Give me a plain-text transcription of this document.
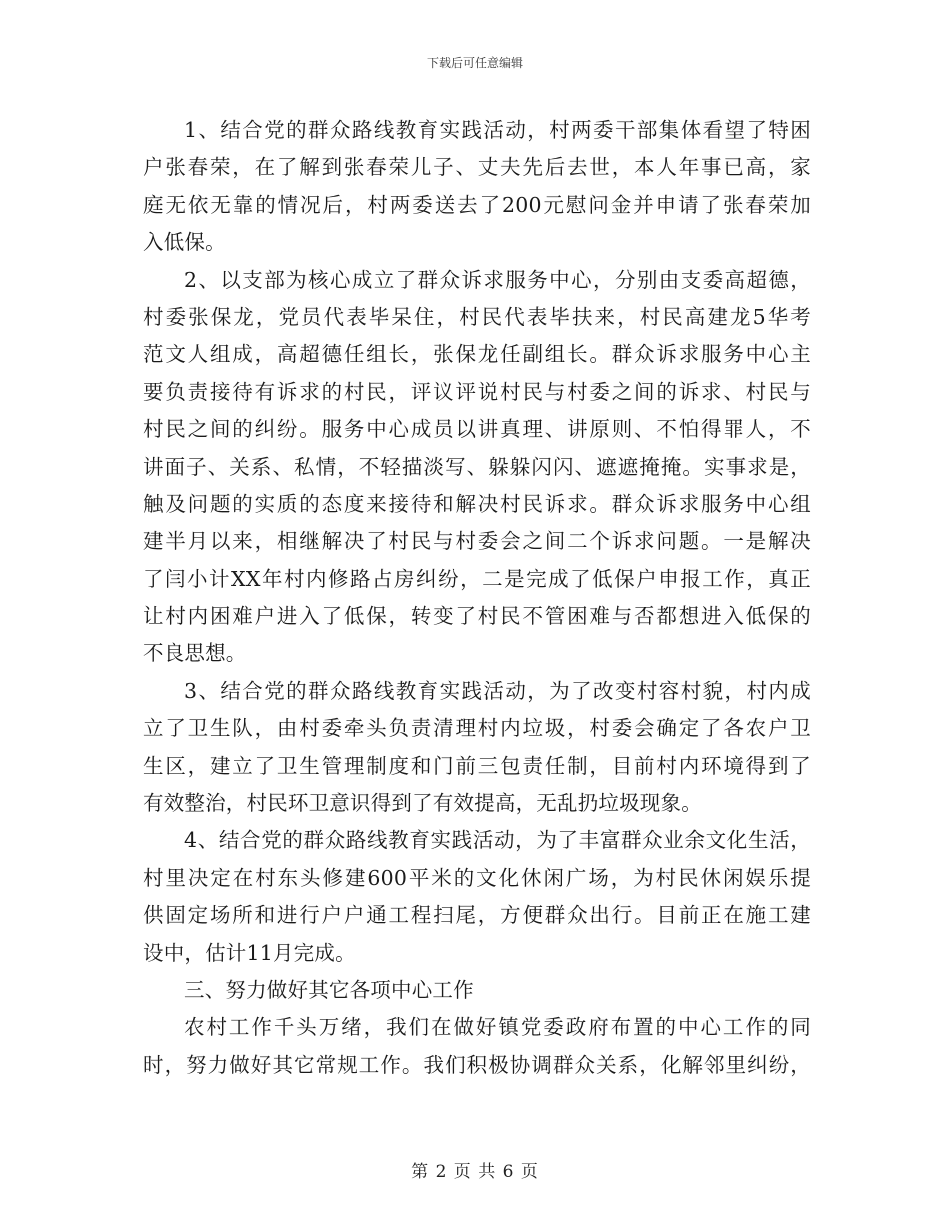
下载后可任意编辑
1、结合党的群众路线教育实践活动，村两委干部集体看望了特困
户张春荣，在了解到张春荣儿子、丈夫先后去世，本人年事已高，家
庭无依无靠的情况后，村两委送去了200元慰问金并申请了张春荣加
入低保。
2、以支部为核心成立了群众诉求服务中心，分别由支委高超德，
村委张保龙，党员代表毕呆住，村民代表毕扶来，村民高建龙5华考
范文人组成，高超德任组长，张保龙任副组长。群众诉求服务中心主
要负责接待有诉求的村民，评议评说村民与村委之间的诉求、村民与
村民之间的纠纷。服务中心成员以讲真理、讲原则、不怕得罪人，不
讲面子、关系、私情，不轻描淡写、躲躲闪闪、遮遮掩掩。实事求是，
触及问题的实质的态度来接待和解决村民诉求。群众诉求服务中心组
建半月以来，相继解决了村民与村委会之间二个诉求问题。一是解决
了闫小计XX年村内修路占房纠纷，二是完成了低保户申报工作，真正
让村内困难户进入了低保，转变了村民不管困难与否都想进入低保的
不良思想。
3、结合党的群众路线教育实践活动，为了改变村容村貌，村内成
立了卫生队，由村委牵头负责清理村内垃圾，村委会确定了各农户卫
生区，建立了卫生管理制度和门前三包责任制，目前村内环境得到了
有效整治，村民环卫意识得到了有效提高，无乱扔垃圾现象。
4、结合党的群众路线教育实践活动，为了丰富群众业余文化生活，
村里决定在村东头修建600平米的文化休闲广场，为村民休闲娱乐提
供固定场所和进行户户通工程扫尾，方便群众出行。目前正在施工建
设中，估计11月完成。
三、努力做好其它各项中心工作
农村工作千头万绪，我们在做好镇党委政府布置的中心工作的同
时，努力做好其它常规工作。我们积极协调群众关系，化解邻里纠纷，
第 2 页 共 6 页
